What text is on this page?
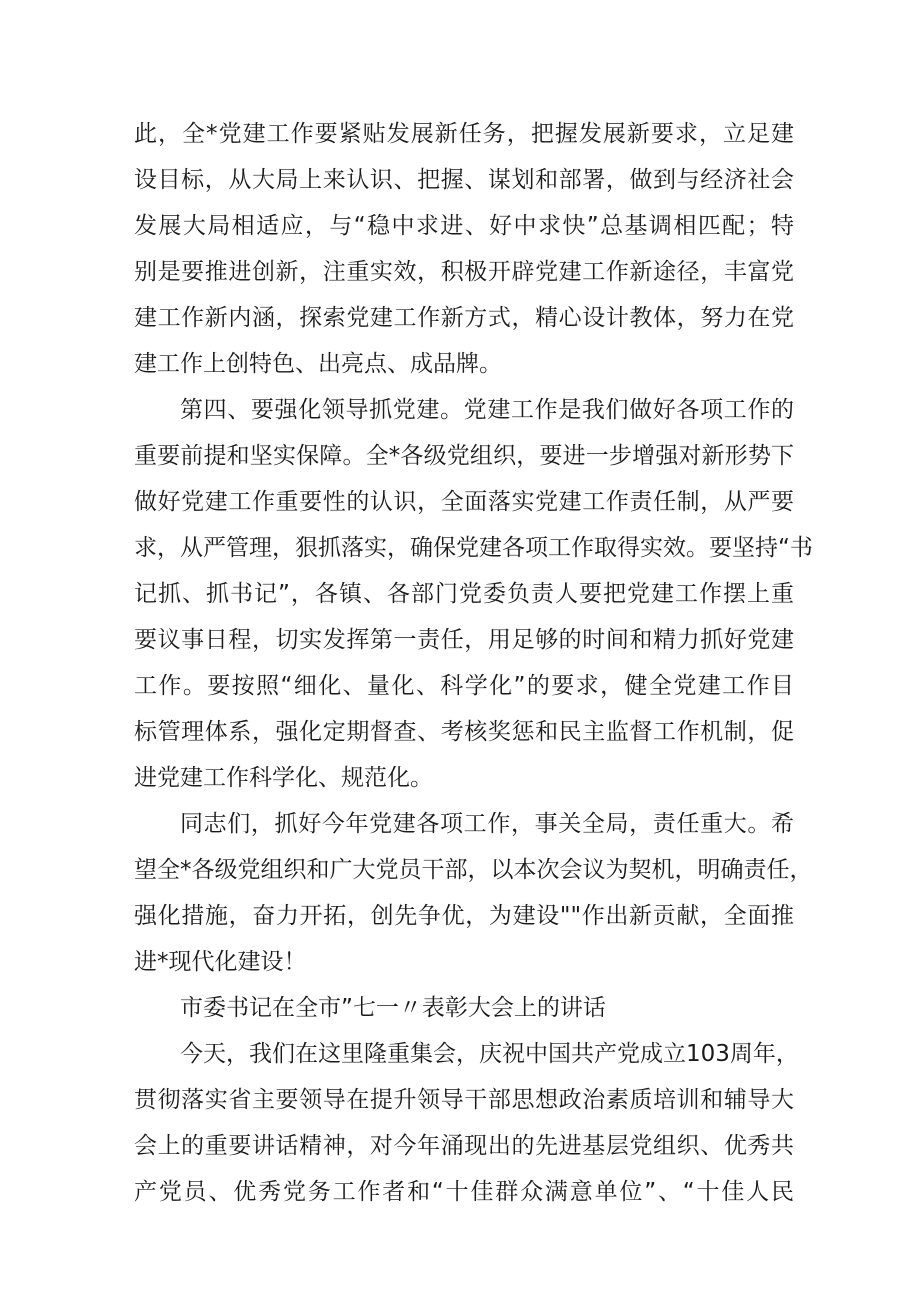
此，全*党建工作要紧贴发展新任务，把握发展新要求，立足建
设目标，从大局上来认识、把握、谋划和部署，做到与经济社会
发展大局相适应，与“稳中求进、好中求快”总基调相匹配；特
别是要推进创新，注重实效，积极开辟党建工作新途径，丰富党
建工作新内涵，探索党建工作新方式，精心设计教体，努力在党
建工作上创特色、出亮点、成品牌。
第四、要强化领导抓党建。党建工作是我们做好各项工作的
重要前提和坚实保障。全*各级党组织，要进一步增强对新形势下
做好党建工作重要性的认识，全面落实党建工作责任制，从严要
求，从严管理，狠抓落实，确保党建各项工作取得实效。要坚持“书
记抓、抓书记”，各镇、各部门党委负责人要把党建工作摆上重
要议事日程，切实发挥第一责任，用足够的时间和精力抓好党建
工作。要按照“细化、量化、科学化”的要求，健全党建工作目
标管理体系，强化定期督查、考核奖惩和民主监督工作机制，促
进党建工作科学化、规范化。
同志们，抓好今年党建各项工作，事关全局，责任重大。希
望全*各级党组织和广大党员干部，以本次会议为契机，明确责任，
强化措施，奋力开拓，创先争优，为建设""作出新贡献，全面推
进*现代化建设！
市委书记在全市”七一〃表彰大会上的讲话
今天，我们在这里隆重集会，庆祝中国共产党成立103周年，
贯彻落实省主要领导在提升领导干部思想政治素质培训和辅导大
会上的重要讲话精神，对今年涌现出的先进基层党组织、优秀共
产党员、优秀党务工作者和“十佳群众满意单位”、“十佳人民
